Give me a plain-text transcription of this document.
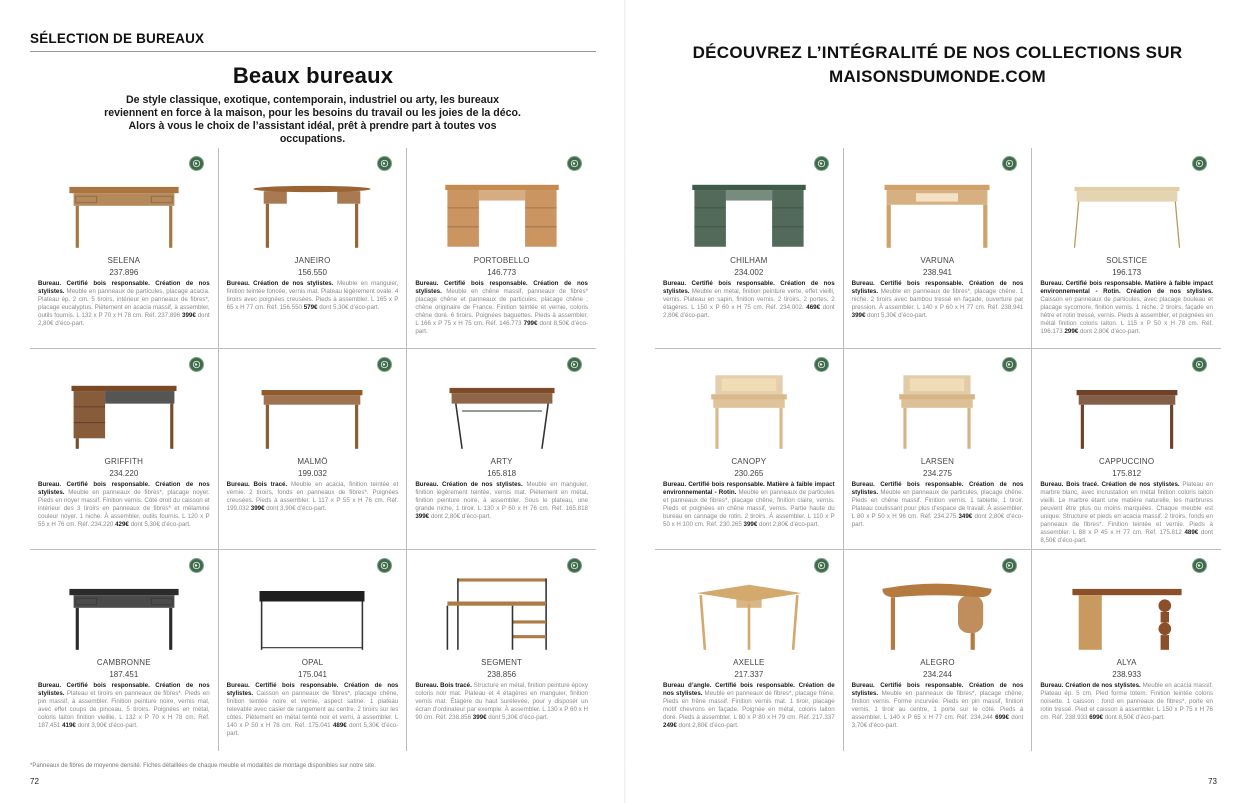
SÉLECTION DE BUREAUX
Beaux bureaux

De style classique, exotique, contemporain, industriel ou arty, les bureaux reviennent en force à la maison, pour les besoins du travail ou les joies de la déco. Alors à vous le choix de l’assistant idéal, prêt à prendre part à toutes vos occupations.

SELENA
237.896
Bureau. Certifié bois responsable. Création de nos stylistes. Meuble en panneaux de particules, placage acacia. Plateau ép. 2 cm. 5 tiroirs, intérieur en panneaux de fibres*, placage eucalyptus. Piètement en acacia massif, à assembler, outils fournis. L 132 x P 70 x H 78 cm. Réf. 237.896 399€ dont 2,80€ d’éco-part.
JANEIRO
156.550
Bureau. Création de nos stylistes. Meuble en manguier, finition teintée foncée, vernis mat. Plateau légèrement ovale. 4 tiroirs avec poignées creusées. Pieds à assembler. L 165 x P 65 x H 77 cm. Réf. 156.550 579€ dont 5,30€ d’éco-part.
PORTOBELLO
146.773
Bureau. Certifié bois responsable. Création de nos stylistes. Meuble en chêne massif, panneaux de fibres* placage chêne et panneaux de particules, placage chêne ; chêne originaire de France. Finition teintée et vernie, coloris chêne doré. 6 tiroirs. Poignées baguettes. Pieds à assembler. L 166 x P 75 x H 75 cm. Réf. 146.773 799€ dont 8,50€ d’éco-part.
GRIFFITH
234.220
Bureau. Certifié bois responsable. Création de nos stylistes. Meuble en panneaux de fibres*, placage noyer. Pieds en noyer massif. Finition vernis. Côté droit du caisson et intérieur des 3 tiroirs en panneaux de fibres* et mélaminé couleur noyer. 1 niche. À assembler, outils fournis. L 120 x P 55 x H 76 cm. Réf. 234.220 429€ dont 5,30€ d’éco-part.
MALMÖ
199.032
Bureau. Bois tracé. Meuble en acacia, finition teintée et vernie. 2 tiroirs, fonds en panneaux de fibres*. Poignées creusées. Pieds à assembler. L 117 x P 55 x H 76 cm. Réf. 199.032 399€ dont 3,90€ d’éco-part.
ARTY
165.818
Bureau. Création de nos stylistes. Meuble en manguier, finition légèrement teintée, vernis mat. Piètement en métal, finition peinture noire, à assembler. Sous le plateau, une grande niche, 1 tiroir. L 130 x P 60 x H 76 cm. Réf. 165.818 399€ dont 2,80€ d’éco-part.
CAMBRONNE
187.451
Bureau. Certifié bois responsable. Création de nos stylistes. Plateau et tiroirs en panneaux de fibres*. Pieds en pin massif, à assembler. Finition peinture noire, vernis mat, avec effet coups de pinceau. 5 tiroirs. Poignées en métal, coloris laiton finition vieillie. L 132 x P 70 x H 78 cm. Réf. 187.451 419€ dont 3,90€ d’éco-part.
OPAL
175.041
Bureau. Certifié bois responsable. Création de nos stylistes. Caisson en panneaux de fibres*, placage chêne, finition teintée noire et vernie, aspect satiné. 1 plateau relevable avec casier de rangement au centre. 2 tiroirs sur les côtés. Piètement en métal teinté noir et verni, à assembler. L 140 x P 50 x H 78 cm. Réf. 175.041 489€ dont 5,30€ d’éco-part.
SEGMENT
238.856
Bureau. Bois tracé. Structure en métal, finition peinture époxy coloris noir mat. Plateau et 4 étagères en manguier, finition vernis mat. Étagère du haut surélevée, pour y disposer un écran d’ordinateur par exemple. À assembler. L 130 x P 60 x H 90 cm. Réf. 238.856 399€ dont 5,30€ d’éco-part.
*Panneaux de fibres de moyenne densité. Fiches détaillées de chaque meuble et modalités de montage disponibles sur notre site.
72
DÉCOUVREZ L’INTÉGRALITÉ DE NOS COLLECTIONS SUR
MAISONSDUMONDE.COM
CHILHAM
234.002
Bureau. Certifié bois responsable. Création de nos stylistes. Meuble en métal, finition peinture verte, effet vieilli, vernis. Plateau en sapin, finition vernis. 2 tiroirs, 2 portes, 2 étagères. L 150 x P 60 x H 75 cm. Réf. 234.002. 469€ dont 2,80€ d’éco-part.
VARUNA
238.941
Bureau. Certifié bois responsable. Création de nos stylistes. Meuble en panneaux de fibres*, placage chêne. 1 niche. 2 tiroirs avec bambou tressé en façade, ouverture par pression. À assembler. L 140 x P 60 x H 77 cm. Réf. 238.941 399€ dont 5,30€ d’éco-part.
SOLSTICE
196.173
Bureau. Certifié bois responsable. Matière à faible impact environnemental - Rotin. Création de nos stylistes. Caisson en panneaux de particules, avec placage bouleau et placage sycomore, finition vernis. 1 niche. 2 tiroirs, façade en hêtre et rotin tressé, vernis. Pieds à assembler, et poignées en métal finition coloris laiton. L 115 x P 50 x H 78 cm. Réf. 196.173 299€ dont 2,80€ d’éco-part.
CANOPY
230.265
Bureau. Certifié bois responsable. Matière à faible impact environnemental - Rotin. Meuble en panneaux de particules et panneaux de fibres*, placage chêne, finition claire, vernis. Pieds et poignées en chêne massif, vernis. Partie haute du bureau en cannage de rotin. 2 tiroirs. À assembler. L 110 x P 50 x H 100 cm. Réf. 230.265 399€ dont 2,80€ d’éco-part.
LARSEN
234.275
Bureau. Certifié bois responsable. Création de nos stylistes. Meuble en panneaux de particules, placage chêne. Pieds en chêne massif. Finition vernis. 1 tablette, 1 tiroir. Plateau coulissant pour plus d’espace de travail. À assembler. L 80 x P 50 x H 96 cm. Réf. 234.275 349€ dont 2,80€ d’éco-part.
CAPPUCCINO
175.812
Bureau. Bois tracé. Création de nos stylistes. Plateau en marbre blanc, avec incrustation en métal finition coloris laiton vieilli. Le marbre étant une matière naturelle, les marbrures peuvent être plus ou moins marquées. Chaque meuble est unique. Structure et pieds en acacia massif. 2 tiroirs, fonds en panneaux de fibres*. Finition teintée et vernie. Pieds à assembler. L 88 x P 45 x H 77 cm. Réf. 175.812 489€ dont 8,50€ d’éco-part.
AXELLE
217.337
Bureau d’angle. Certifié bois responsable. Création de nos stylistes. Meuble en panneaux de fibres*, placage frêne. Pieds en frêne massif. Finition vernis mat. 1 tiroir, placage motif chevrons en façade. Poignée en métal, coloris laiton doré. Pieds à assembler. L 80 x P 80 x H 79 cm. Réf. 217.337 249€ dont 2,80€ d’éco-part.
ALEGRO
234.244
Bureau. Certifié bois responsable. Création de nos stylistes. Meuble en panneaux de fibres*, placage chêne, finition vernis. Forme incurvée. Pieds en pin massif, finition vernis. 1 tiroir au centre, 1 porte sur le côté. Pieds à assembler. L 140 x P 65 x H 77 cm. Réf. 234.244 699€ dont 3,70€ d’éco-part.
ALYA
238.933
Bureau. Création de nos stylistes. Meuble en acacia massif. Plateau ép. 5 cm. Pied forme totem. Finition teintée coloris noisette. 1 caisson : fond en panneaux de fibres*, porte en rotin tressé. Pied et caisson à assembler. L 150 x P 75 x H 76 cm. Réf. 238.933 699€ dont 8,50€ d’éco-part.
73
